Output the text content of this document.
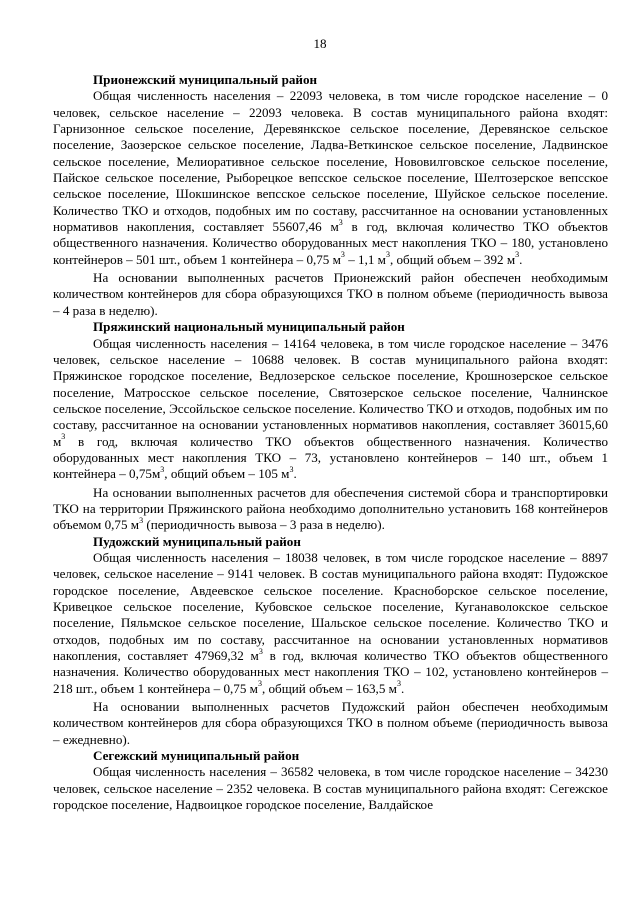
18
Прионежский муниципальный район

Общая численность населения – 22093 человека, в том числе городское население – 0 человек, сельское население – 22093 человека. В состав муниципального района входят: Гарнизонное сельское поселение, Деревянкское сельское поселение, Деревянское сельское поселение, Заозерское сельское поселение, Ладва-Веткинское сельское поселение, Ладвинское сельское поселение, Мелиоративное сельское поселение, Нововилговское сельское поселение, Пайское сельское поселение, Рыборецкое вепсское сельское поселение, Шелтозерское вепсское сельское поселение, Шокшинское вепсское сельское поселение, Шуйское сельское поселение. Количество ТКО и отходов, подобных им по составу, рассчитанное на основании установленных нормативов накопления, составляет 55607,46 $м^3$ в год, включая количество ТКО объектов общественного назначения. Количество оборудованных мест накопления ТКО – 180, установлено контейнеров – 501 шт., объем 1 контейнера – 0,75 $м^3 - 1,1$ $м^3$, общий объем – 392 $м^3$.

На основании выполненных расчетов Прионежский район обеспечен необходимым количеством контейнеров для сбора образующихся ТКО в полном объеме (периодичность вывоза – 4 раза в неделю).

Пряжинский национальный муниципальный район

Общая численность населения – 14164 человека, в том числе городское население – 3476 человек, сельское население – 10688 человек. В состав муниципального района входят: Пряжинское городское поселение, Ведлозерское сельское поселение, Крошнозерское сельское поселение, Матросское сельское поселение, Святозерское сельское поселение, Чалнинское сельское поселение, Эссойльское сельское поселение. Количество ТКО и отходов, подобных им по составу, рассчитанное на основании установленных нормативов накопления, составляет 36015,60 $м^3$ в год, включая количество ТКО объектов общественного назначения. Количество оборудованных мест накопления ТКО – 73, установлено контейнеров – 140 шт., объем 1 контейнера – $0,75м^3$, общий объем – 105 $м^3$.

На основании выполненных расчетов для обеспечения системой сбора и транспортировки ТКО на территории Пряжинского района необходимо дополнительно установить 168 контейнеров объемом 0,75 $м^3$ (периодичность вывоза – 3 раза в неделю).

Пудожский муниципальный район

Общая численность населения – 18038 человек, в том числе городское население – 8897 человек, сельское население – 9141 человек. В состав муниципального района входят: Пудожское городское поселение, Авдеевское сельское поселение. Красноборское сельское поселение, Кривецкое сельское поселение, Кубовское сельское поселение, Куганаволокское сельское поселение, Пяльмское сельское поселение, Шальское сельское поселение. Количество ТКО и отходов, подобных им по составу, рассчитанное на основании установленных нормативов накопления, составляет 47969,32 $м^3$ в год, включая количество ТКО объектов общественного назначения. Количество оборудованных мест накопления ТКО – 102, установлено контейнеров – 218 шт., объем 1 контейнера – 0,75 $м^3$, общий объем – 163,5 $м^3$.

На основании выполненных расчетов Пудожский район обеспечен необходимым количеством контейнеров для сбора образующихся ТКО в полном объеме (периодичность вывоза – ежедневно).

Сегежский муниципальный район

Общая численность населения – 36582 человека, в том числе городское население – 34230 человек, сельское население – 2352 человека. В состав муниципального района входят: Сегежское городское поселение, Надвоицкое городское поселение, Валдайское
